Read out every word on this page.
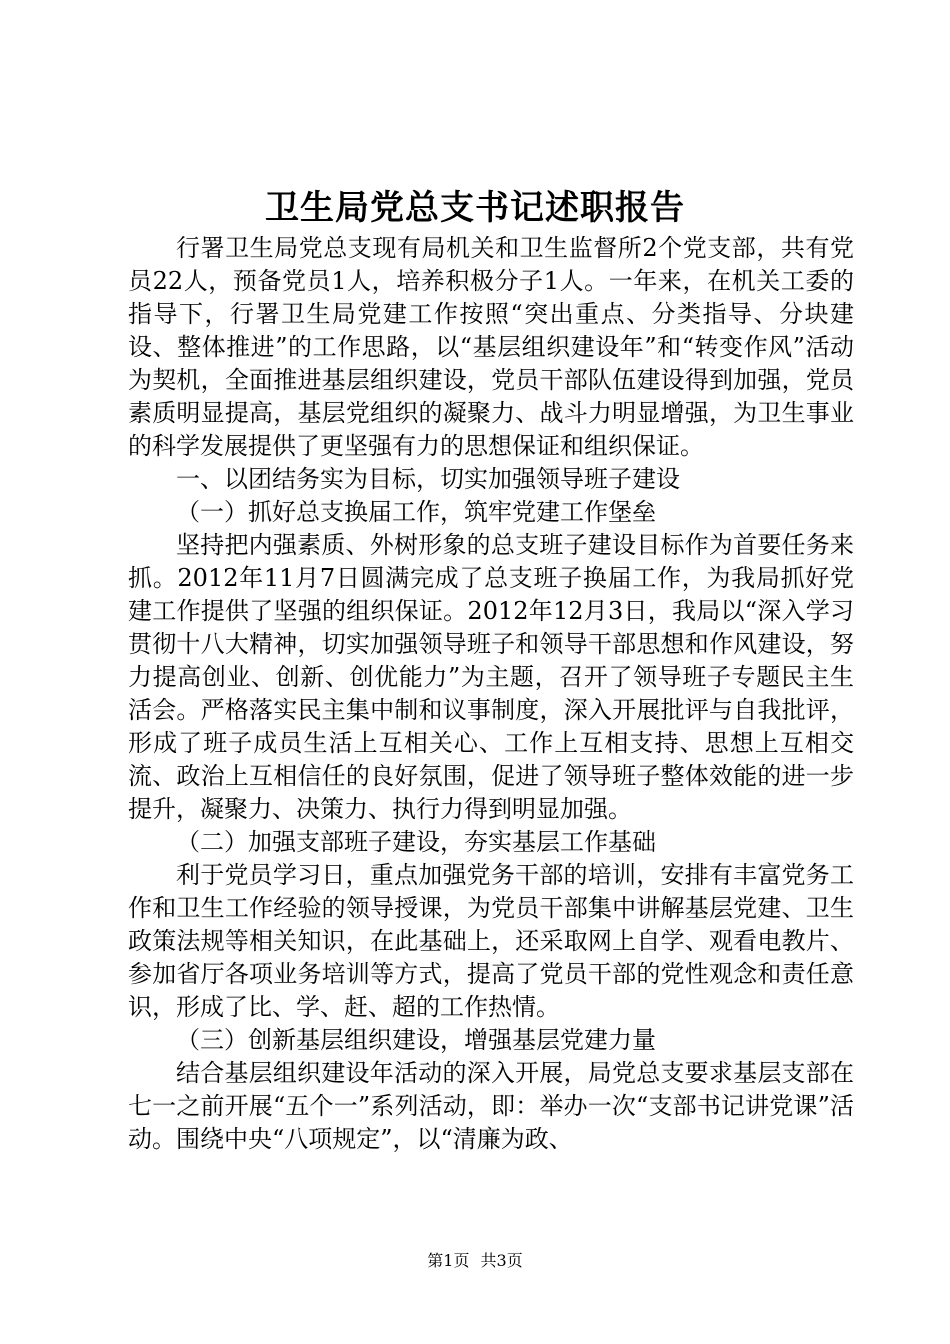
卫生局党总支书记述职报告

行署卫生局党总支现有局机关和卫生监督所2个党支部，共有党员22人，预备党员1人，培养积极分子1人。一年来，在机关工委的指导下，行署卫生局党建工作按照“突出重点、分类指导、分块建设、整体推进”的工作思路，以“基层组织建设年”和“转变作风”活动为契机，全面推进基层组织建设，党员干部队伍建设得到加强，党员素质明显提高，基层党组织的凝聚力、战斗力明显增强，为卫生事业的科学发展提供了更坚强有力的思想保证和组织保证。

一、以团结务实为目标，切实加强领导班子建设

（一）抓好总支换届工作，筑牢党建工作堡垒

坚持把内强素质、外树形象的总支班子建设目标作为首要任务来抓。2012年11月7日圆满完成了总支班子换届工作，为我局抓好党建工作提供了坚强的组织保证。2012年12月3日，我局以“深入学习贯彻十八大精神，切实加强领导班子和领导干部思想和作风建设，努力提高创业、创新、创优能力”为主题，召开了领导班子专题民主生活会。严格落实民主集中制和议事制度，深入开展批评与自我批评，形成了班子成员生活上互相关心、工作上互相支持、思想上互相交流、政治上互相信任的良好氛围，促进了领导班子整体效能的进一步提升，凝聚力、决策力、执行力得到明显加强。

（二）加强支部班子建设，夯实基层工作基础

利于党员学习日，重点加强党务干部的培训，安排有丰富党务工作和卫生工作经验的领导授课，为党员干部集中讲解基层党建、卫生政策法规等相关知识，在此基础上，还采取网上自学、观看电教片、参加省厅各项业务培训等方式，提高了党员干部的党性观念和责任意识，形成了比、学、赶、超的工作热情。

（三）创新基层组织建设，增强基层党建力量

结合基层组织建设年活动的深入开展，局党总支要求基层支部在七一之前开展“五个一”系列活动，即：举办一次“支部书记讲党课”活动。围绕中央“八项规定”，以“清廉为政、

第1页 共3页
